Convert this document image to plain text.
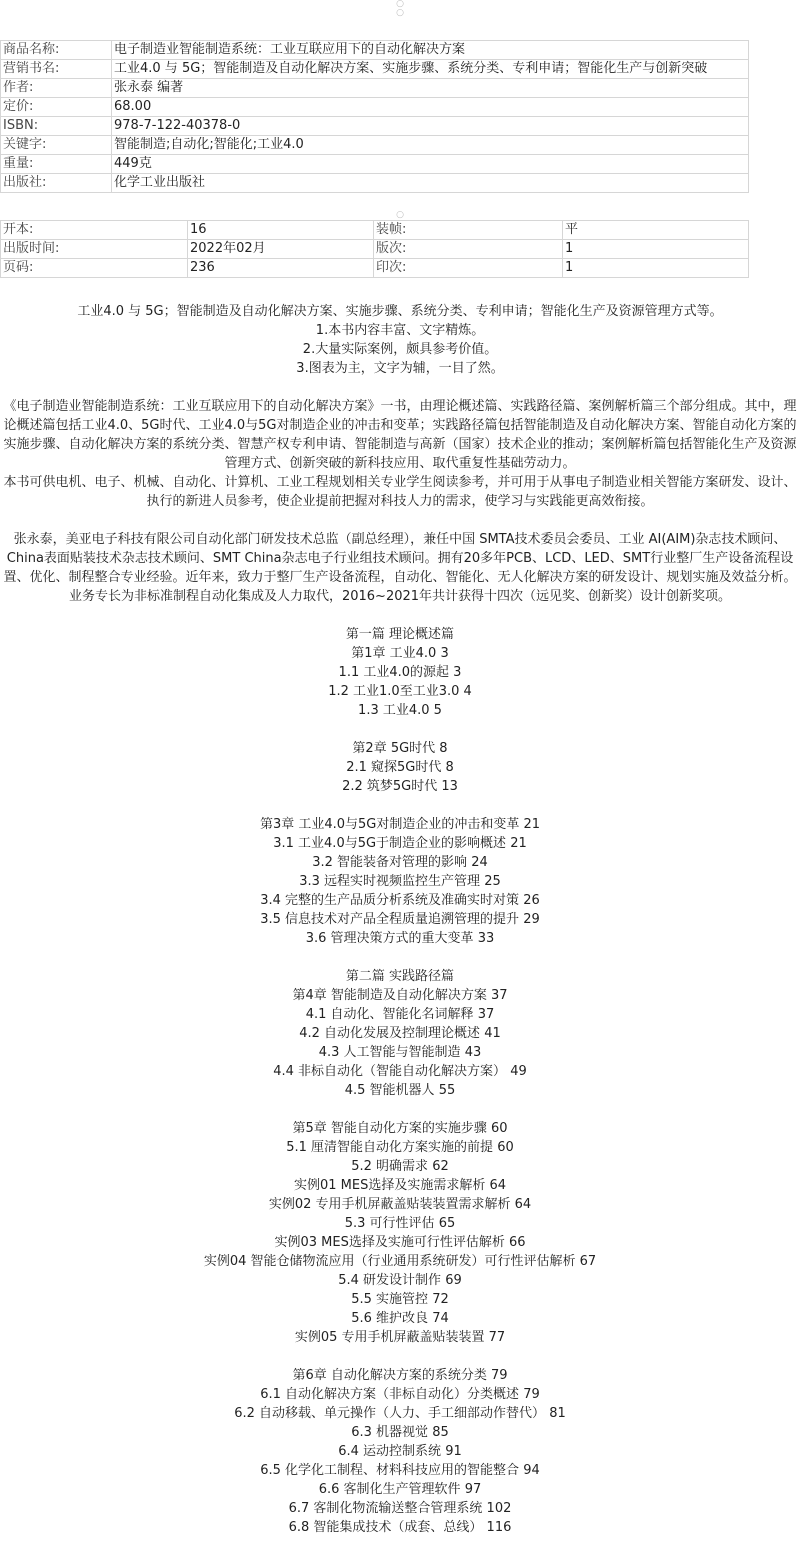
○
○
商品名称:	电子制造业智能制造系统：工业互联应用下的自动化解决方案
营销书名:	工业4.0 与 5G；智能制造及自动化解决方案、实施步骤、系统分类、专利申请；智能化生产与创新突破
作者:	张永泰 编著
定价:	68.00
ISBN:	978-7-122-40378-0
关键字:	智能制造;自动化;智能化;工业4.0
重量:	449克
出版社:	化学工业出版社
○
开本:	16	装帧:	平
出版时间:	2022年02月	版次:	1
页码:	236	印次:	1

工业4.0 与 5G；智能制造及自动化解决方案、实施步骤、系统分类、专利申请；智能化生产及资源管理方式等。

1.本书内容丰富、文字精炼。

2.大量实际案例，颇具参考价值。

3.图表为主，文字为辅，一目了然。

《电子制造业智能制造系统：工业互联应用下的自动化解决方案》一书，由理论概述篇、实践路径篇、案例解析篇三个部分组成。其中，理论概述篇包括工业4.0、5G时代、工业4.0与5G对制造企业的冲击和变革；实践路径篇包括智能制造及自动化解决方案、智能自动化方案的实施步骤、自动化解决方案的系统分类、智慧产权专利申请、智能制造与高新（国家）技术企业的推动；案例解析篇包括智能化生产及资源管理方式、创新突破的新科技应用、取代重复性基础劳动力。

本书可供电机、电子、机械、自动化、计算机、工业工程规划相关专业学生阅读参考，并可用于从事电子制造业相关智能方案研发、设计、执行的新进人员参考，使企业提前把握对科技人力的需求，使学习与实践能更高效衔接。

张永泰，美亚电子科技有限公司自动化部门研发技术总监（副总经理），兼任中国 SMTA技术委员会委员、工业 AI(AIM)杂志技术顾问、China表面贴装技术杂志技术顾问、SMT China杂志电子行业组技术顾问。拥有20多年PCB、LCD、LED、SMT行业整厂生产设备流程设置、优化、制程整合专业经验。近年来，致力于整厂生产设备流程，自动化、智能化、无人化解决方案的研发设计、规划实施及效益分析。业务专长为非标准制程自动化集成及人力取代，2016~2021年共计获得十四次（远见奖、创新奖）设计创新奖项。

第一篇 理论概述篇

第1章 工业4.0 3

1.1 工业4.0的源起 3

1.2 工业1.0至工业3.0 4

1.3 工业4.0 5

第2章 5G时代 8

2.1 窥探5G时代 8

2.2 筑梦5G时代 13

第3章 工业4.0与5G对制造企业的冲击和变革 21

3.1 工业4.0与5G于制造企业的影响概述 21

3.2 智能装备对管理的影响 24

3.3 远程实时视频监控生产管理 25

3.4 完整的生产品质分析系统及准确实时对策 26

3.5 信息技术对产品全程质量追溯管理的提升 29

3.6 管理决策方式的重大变革 33

第二篇 实践路径篇

第4章 智能制造及自动化解决方案 37

4.1 自动化、智能化名词解释 37

4.2 自动化发展及控制理论概述 41

4.3 人工智能与智能制造 43

4.4 非标自动化（智能自动化解决方案） 49

4.5 智能机器人 55

第5章 智能自动化方案的实施步骤 60

5.1 厘清智能自动化方案实施的前提 60

5.2 明确需求 62

实例01 MES选择及实施需求解析 64

实例02 专用手机屏蔽盖贴装装置需求解析 64

5.3 可行性评估 65

实例03 MES选择及实施可行性评估解析 66

实例04 智能仓储物流应用（行业通用系统研发）可行性评估解析 67

5.4 研发设计制作 69

5.5 实施管控 72

5.6 维护改良 74

实例05 专用手机屏蔽盖贴装装置 77

第6章 自动化解决方案的系统分类 79

6.1 自动化解决方案（非标自动化）分类概述 79

6.2 自动移载、单元操作（人力、手工细部动作替代） 81

6.3 机器视觉 85

6.4 运动控制系统 91

6.5 化学化工制程、材料科技应用的智能整合 94

6.6 客制化生产管理软件 97

6.7 客制化物流输送整合管理系统 102

6.8 智能集成技术（成套、总线） 116
